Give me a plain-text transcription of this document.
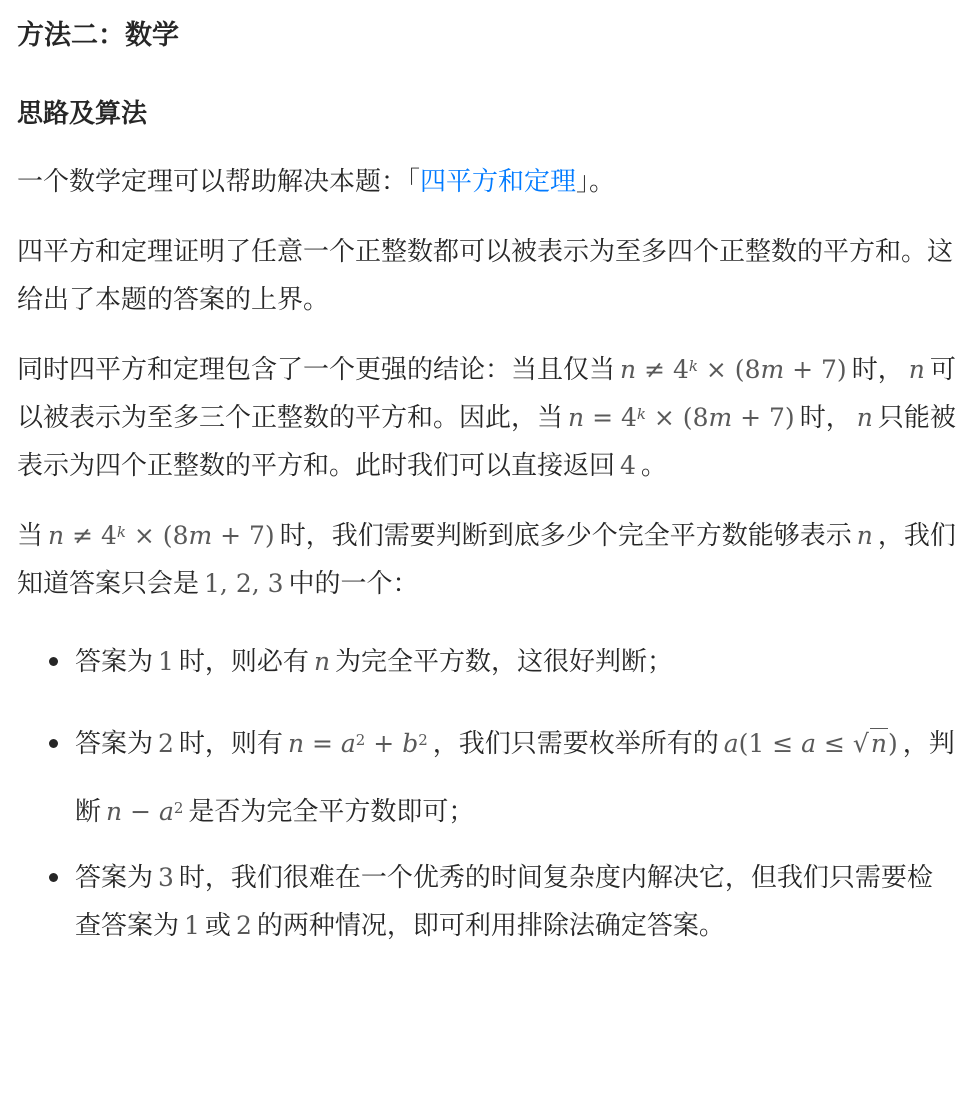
方法二：数学
思路及算法

一个数学定理可以帮助解决本题：「四平方和定理」。

四平方和定理证明了任意一个正整数都可以被表示为至多四个正整数的平方和。这给出了本题的答案的上界。

同时四平方和定理包含了一个更强的结论：当且仅当 $n \ne 4^k \times (8m + 7)$ 时， n 可以被表示为至多三个正整数的平方和。因此，当 $n = 4^k \times (8m + 7)$ 时， n 只能被表示为四个正整数的平方和。此时我们可以直接返回 4 。

当 $n \ne 4^k \times (8m + 7)$ 时，我们需要判断到底多少个完全平方数能够表示 n ，我们知道答案只会是 1, 2, 3 中的一个：

答案为 1 时，则必有 n 为完全平方数，这很好判断；
答案为 2 时，则有 $n = a^2 + b^2$ ，我们只需要枚举所有的 a(1 ≤ a ≤ √n) ，判断 $n - a^2$ 是否为完全平方数即可；
答案为 3 时，我们很难在一个优秀的时间复杂度内解决它，但我们只需要检查答案为 1 或 2 的两种情况，即可利用排除法确定答案。
